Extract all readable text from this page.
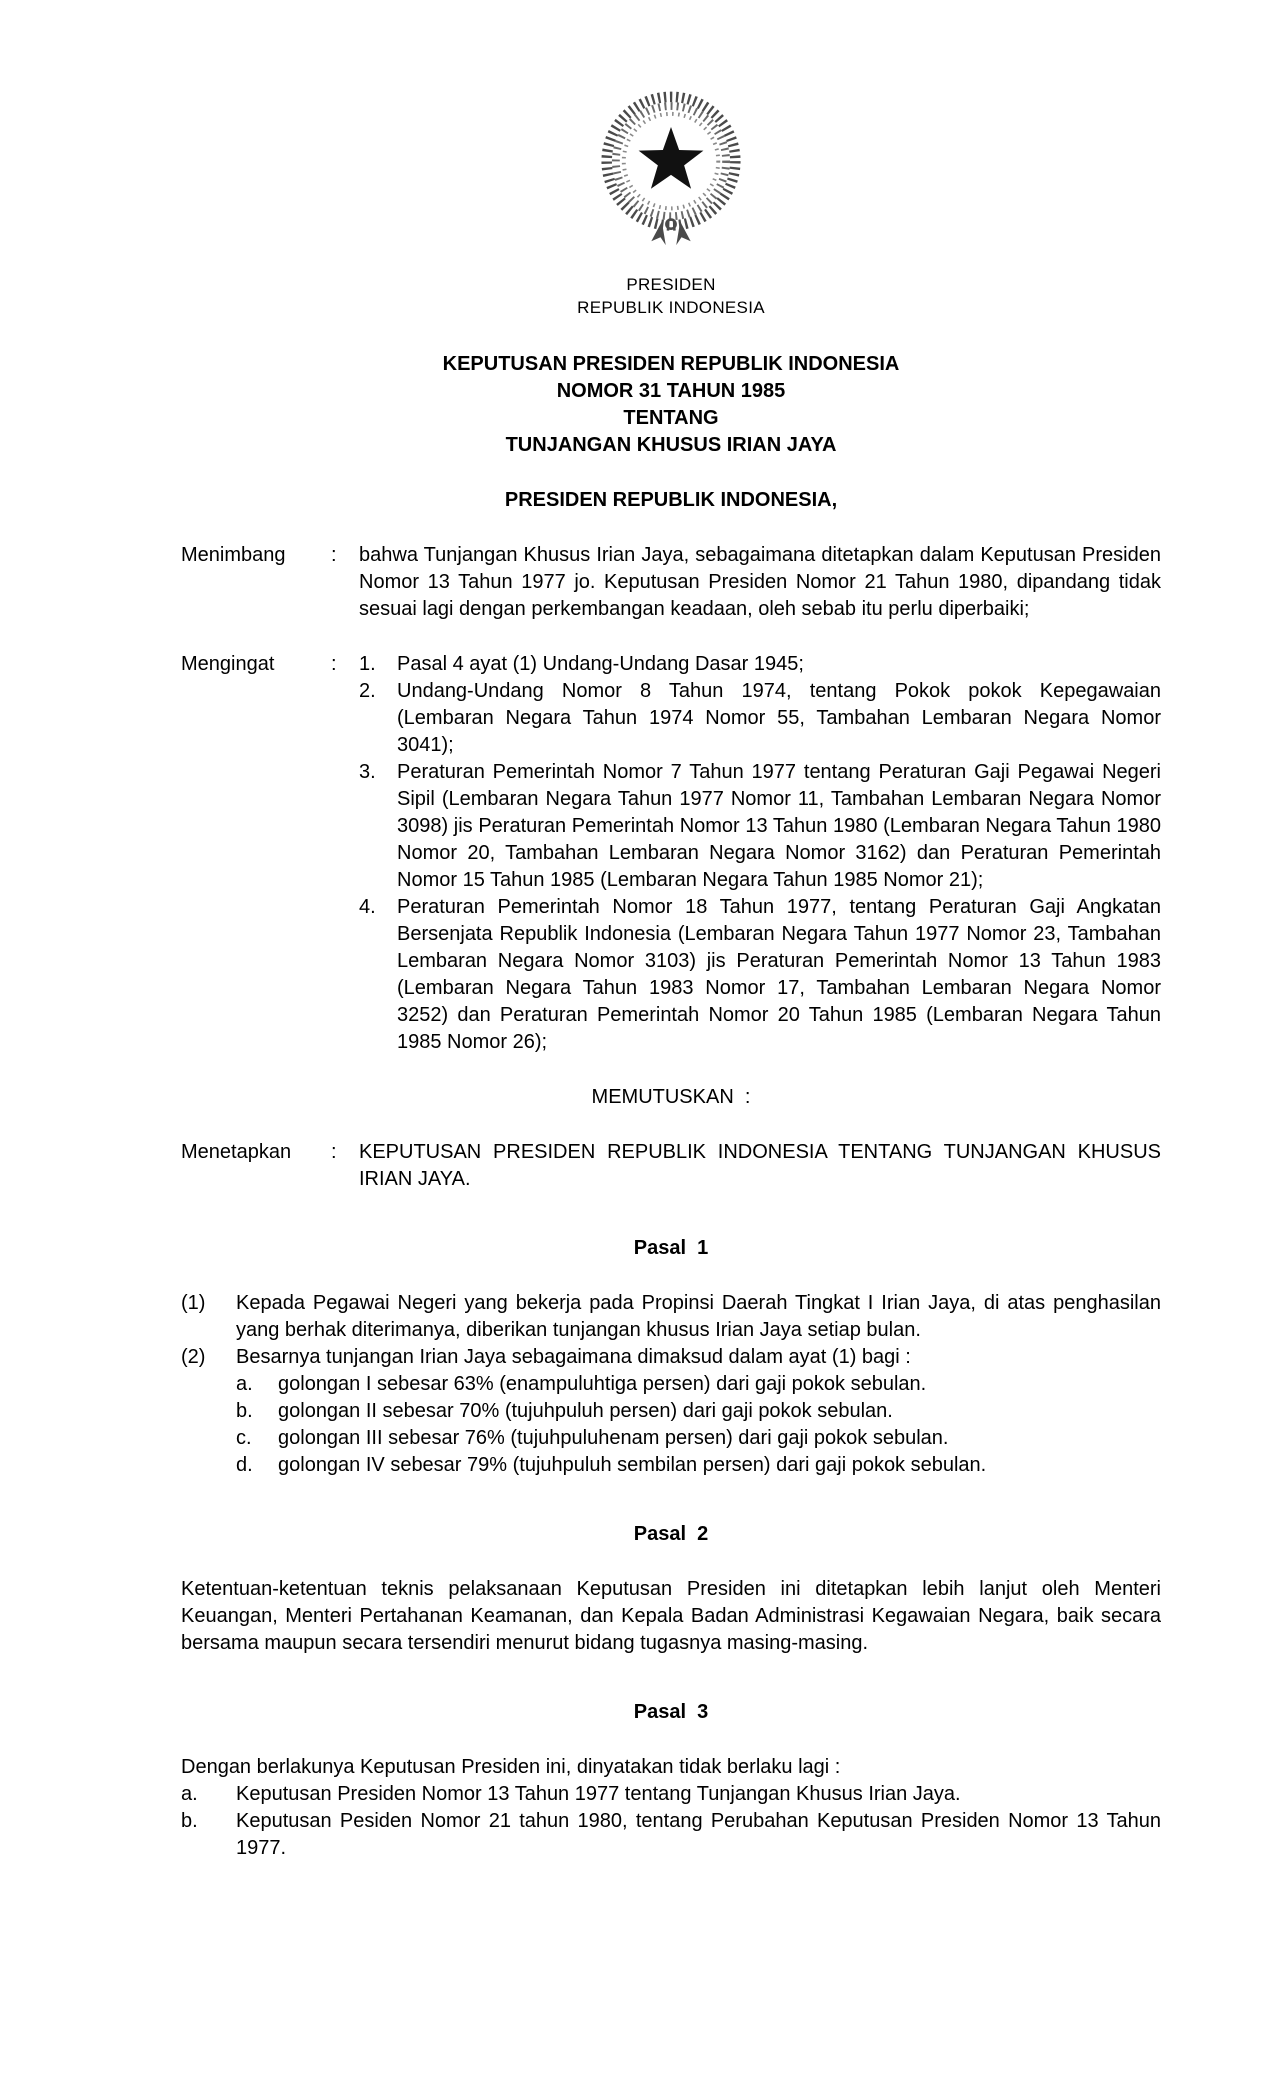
PRESIDEN
REPUBLIK INDONESIA
KEPUTUSAN PRESIDEN REPUBLIK INDONESIA
NOMOR 31 TAHUN 1985
TENTANG
TUNJANGAN KHUSUS IRIAN JAYA
PRESIDEN REPUBLIK INDONESIA,
Menimbang	:	bahwa Tunjangan Khusus Irian Jaya, sebagaimana ditetapkan dalam Keputusan Presiden Nomor 13 Tahun 1977 jo. Keputusan Presiden Nomor 21 Tahun 1980, dipandang tidak sesuai lagi dengan perkembangan keadaan, oleh sebab itu perlu diperbaiki;
Mengingat	:	1.	Pasal 4 ayat (1) Undang-Undang Dasar 1945;
2.	Undang-Undang Nomor 8 Tahun 1974, tentang Pokok pokok Kepegawaian (Lembaran Negara Tahun 1974 Nomor 55, Tambahan Lembaran Negara Nomor 3041);
3.	Peraturan Pemerintah Nomor 7 Tahun 1977 tentang Peraturan Gaji Pegawai Negeri Sipil (Lembaran Negara Tahun 1977 Nomor 11, Tambahan Lembaran Negara Nomor 3098) jis Peraturan Pemerintah Nomor 13 Tahun 1980 (Lembaran Negara Tahun 1980 Nomor 20, Tambahan Lembaran Negara Nomor 3162) dan Peraturan Pemerintah Nomor 15 Tahun 1985 (Lembaran Negara Tahun 1985 Nomor 21);
4.	Peraturan Pemerintah Nomor 18 Tahun 1977, tentang Peraturan Gaji Angkatan Bersenjata Republik Indonesia (Lembaran Negara Tahun 1977 Nomor 23, Tambahan Lembaran Negara Nomor 3103) jis Peraturan Pemerintah Nomor 13 Tahun 1983 (Lembaran Negara Tahun 1983 Nomor 17, Tambahan Lembaran Negara Nomor 3252) dan Peraturan Pemerintah Nomor 20 Tahun 1985 (Lembaran Negara Tahun 1985 Nomor 26);
MEMUTUSKAN  :
Menetapkan	:	KEPUTUSAN PRESIDEN REPUBLIK INDONESIA TENTANG TUNJANGAN KHUSUS IRIAN JAYA.
Pasal  1
(1)	Kepada Pegawai Negeri yang bekerja pada Propinsi Daerah Tingkat I Irian Jaya, di atas penghasilan yang berhak diterimanya, diberikan tunjangan khusus Irian Jaya setiap bulan.
(2)	Besarnya tunjangan Irian Jaya sebagaimana dimaksud dalam ayat (1) bagi :
a.	golongan I sebesar 63% (enampuluhtiga persen) dari gaji pokok sebulan.
b.	golongan II sebesar 70% (tujuhpuluh persen) dari gaji pokok sebulan.
c.	golongan III sebesar 76% (tujuhpuluhenam persen) dari gaji pokok sebulan.
d.	golongan IV sebesar 79% (tujuhpuluh sembilan persen) dari gaji pokok sebulan.
Pasal  2
Ketentuan-ketentuan teknis pelaksanaan Keputusan Presiden ini ditetapkan lebih lanjut oleh Menteri Keuangan, Menteri Pertahanan Keamanan, dan Kepala Badan Administrasi Kegawaian Negara, baik secara bersama maupun secara tersendiri menurut bidang tugasnya masing-masing.
Pasal  3
Dengan berlakunya Keputusan Presiden ini, dinyatakan tidak berlaku lagi :
a.	Keputusan Presiden Nomor 13 Tahun 1977 tentang Tunjangan Khusus Irian Jaya.
b.	Keputusan Pesiden Nomor 21 tahun 1980, tentang Perubahan Keputusan Presiden Nomor 13 Tahun 1977.
